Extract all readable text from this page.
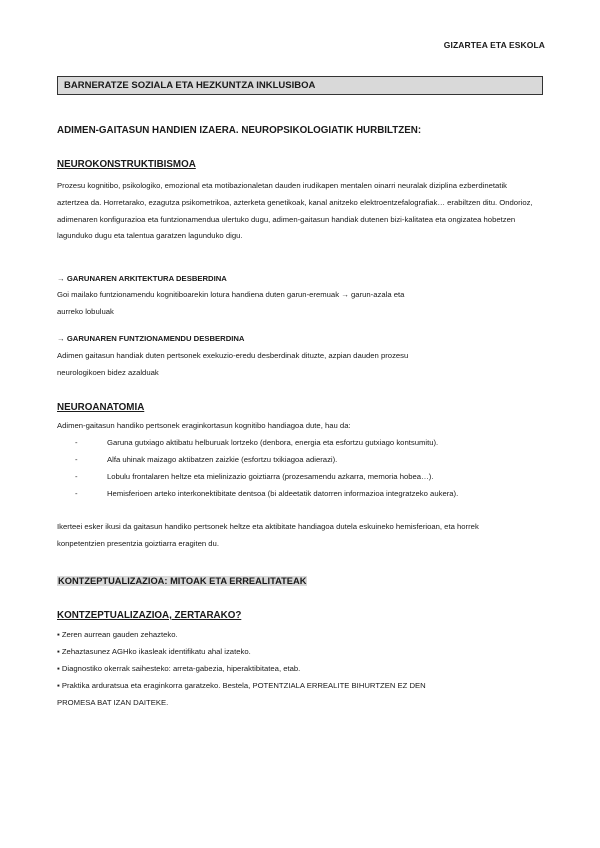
GIZARTEA ETA ESKOLA
BARNERATZE SOZIALA ETA HEZKUNTZA INKLUSIBOA
ADIMEN-GAITASUN HANDIEN IZAERA. NEUROPSIKOLOGIATIK HURBILTZEN:
NEUROKONSTRUKTIBISMOA
Prozesu kognitibo, psikologiko, emozional eta motibazionaletan dauden irudikapen mentalen oinarri neuralak diziplina ezberdinetatik aztertzea da. Horretarako, ezagutza psikometrikoa, azterketa genetikoak, kanal anitzeko elektroentzefalografiak… erabiltzen ditu. Ondorioz, adimenaren konfigurazioa eta funtzionamendua ulertuko dugu, adimen-gaitasun handiak dutenen bizi-kalitatea eta ongizatea hobetzen lagunduko dugu eta talentua garatzen lagunduko digu.
→ GARUNAREN ARKITEKTURA DESBERDINA
Goi mailako funtzionamendu kognitiboarekin lotura handiena duten garun-eremuak → garun-azala eta
aurreko lobuluak
→ GARUNAREN FUNTZIONAMENDU DESBERDINA
Adimen gaitasun handiak duten pertsonek exekuzio-eredu desberdinak dituzte, azpian dauden prozesu
neurologikoen bidez azalduak
NEUROANATOMIA
Adimen-gaitasun handiko pertsonek eraginkortasun kognitibo handiagoa dute, hau da:
-	Garuna gutxiago aktibatu helburuak lortzeko (denbora, energia eta esfortzu gutxiago kontsumitu).
-	Alfa uhinak maizago aktibatzen zaizkie (esfortzu txikiagoa adierazi).
-	Lobulu frontalaren heltze eta mielinizazio goiztiarra (prozesamendu azkarra, memoria hobea…).
-	Hemisferioen arteko interkonektibitate dentsoa (bi aldeetatik datorren informazioa integratzeko aukera).
Ikerteei esker ikusi da gaitasun handiko pertsonek heltze eta aktibitate handiagoa dutela eskuineko hemisferioan, eta horrek konpetentzien presentzia goiztiarra eragiten du.
KONTZEPTUALIZAZIOA: MITOAK ETA ERREALITATEAK
KONTZEPTUALIZAZIOA, ZERTARAKO?
▪ Zeren aurrean gauden zehazteko.
▪ Zehaztasunez AGHko ikasleak identifikatu ahal izateko.
▪ Diagnostiko okerrak saihesteko: arreta-gabezia, hiperaktibitatea, etab.
▪ Praktika arduratsua eta eraginkorra garatzeko. Bestela, POTENTZIALA ERREALITE BIHURTZEN EZ DEN
PROMESA BAT IZAN DAITEKE.
